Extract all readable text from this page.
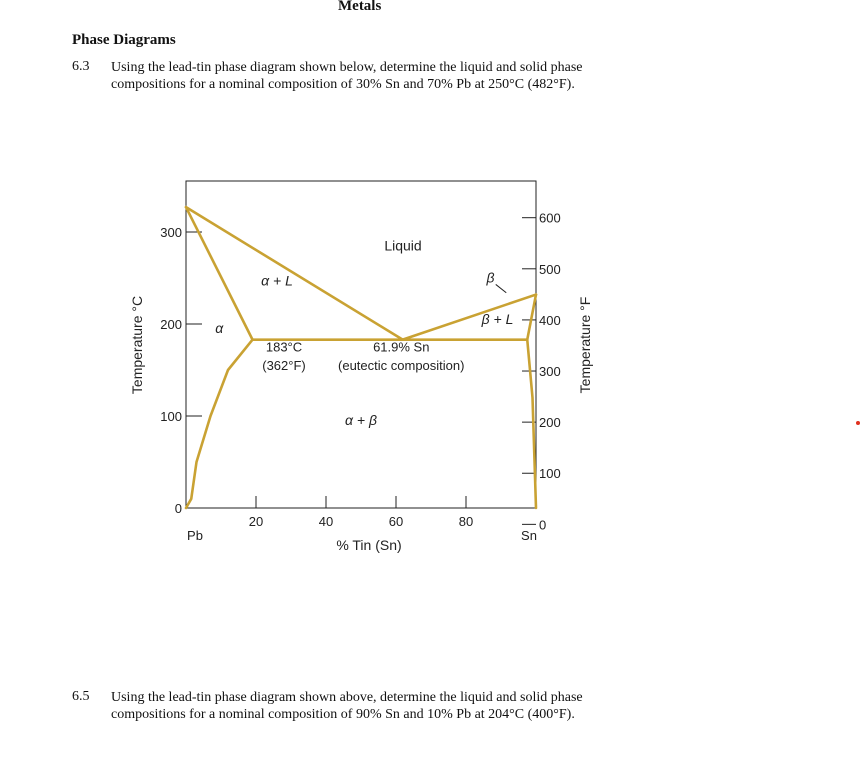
Metals
Phase Diagrams
6.3 Using the lead-tin phase diagram shown below, determine the liquid and solid phase compositions for a nominal composition of 30% Sn and 70% Pb at 250°C (482°F).
0
100
200
300
0
100
200
300
400
500
600
20	40	60	80
Pb	Sn
% Tin (Sn)
Temperature °C	Temperature °F
Liquid
α + L
α
α + β
β
β + L
183°C
(362°F)
61.9% Sn
(eutectic composition)
6.5 Using the lead-tin phase diagram shown above, determine the liquid and solid phase compositions for a nominal composition of 90% Sn and 10% Pb at 204°C (400°F).
